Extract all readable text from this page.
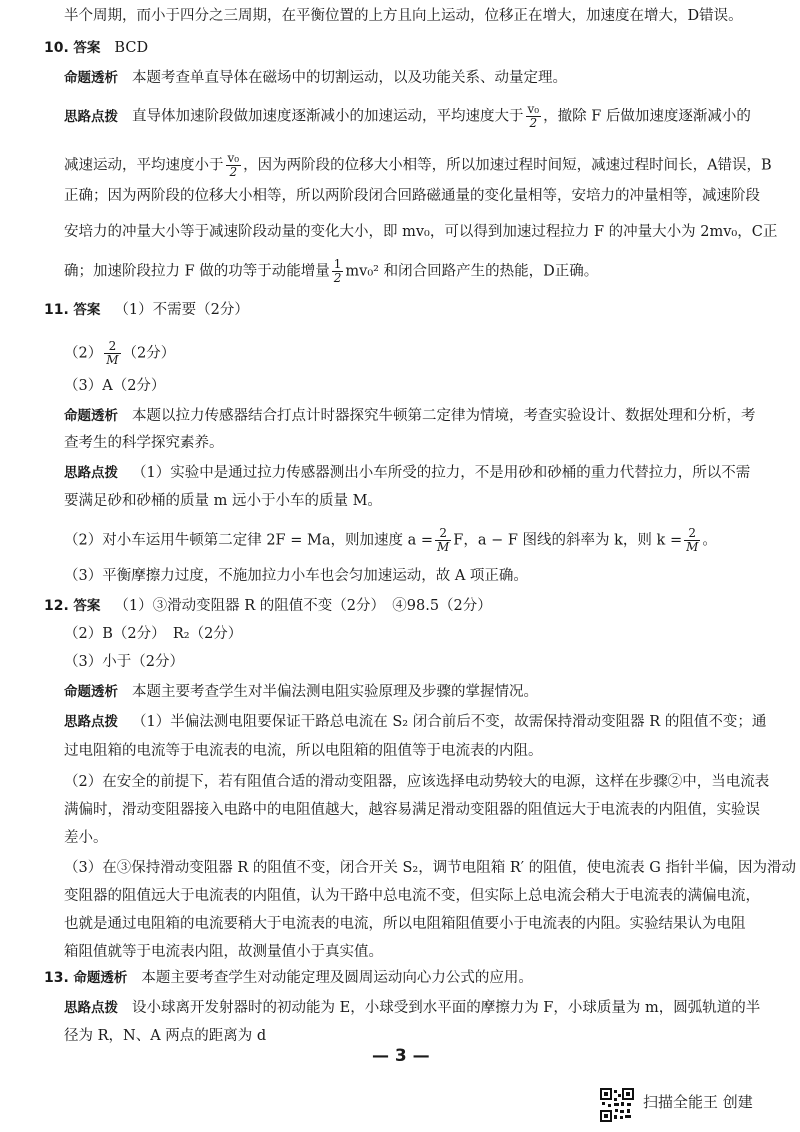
半个周期，而小于四分之三周期，在平衡位置的上方且向上运动，位移正在增大，加速度在增大，D错误。
10. 答案 BCD
命题透析 本题考查单直导体在磁场中的切割运动，以及功能关系、动量定理。
思路点拨 直导体加速阶段做加速度逐渐减小的加速运动，平均速度大于 $\frac{\text{v₀}}{2}$ ，撤除 F 后做加速度逐渐减小的
减速运动，平均速度小于 $\frac{\text{v₀}}{2}$ ，因为两阶段的位移大小相等，所以加速过程时间短，减速过程时间长，A错误，B
正确；因为两阶段的位移大小相等，所以两阶段闭合回路磁通量的变化量相等，安培力的冲量相等，减速阶段
安培力的冲量大小等于减速阶段动量的变化大小，即 mv₀，可以得到加速过程拉力 F 的冲量大小为 2mv₀，C正
确；加速阶段拉力 F 做的功等于动能增量 $\frac{1}{2} mv_0^2$ 和闭合回路产生的热能，D正确。
11. 答案 （1）不需要（2分）
$(2) \frac{2}{M} (2$分）
（3）A（2分）
命题透析 本题以拉力传感器结合打点计时器探究牛顿第二定律为情境，考查实验设计、数据处理和分析，考
查考生的科学探究素养。
思路点拨 （1）实验中是通过拉力传感器测出小车所受的拉力，不是用砂和砂桶的重力代替拉力，所以不需
要满足砂和砂桶的质量 m 远小于小车的质量 M。
（2）对小车运用牛顿第二定律 2F = Ma，则加速度 $a = \frac{2}{M}$ F，a − F 图线的斜率为 k，则 $k = \frac{2}{M}$ 。
（3）平衡摩擦力过度，不施加拉力小车也会匀加速运动，故 A 项正确。
12. 答案 （1）③滑动变阻器 R 的阻值不变（2分）　④98.5（2分）
（2）B（2分）　R₂（2分）
（3）小于（2分）
命题透析 本题主要考查学生对半偏法测电阻实验原理及步骤的掌握情况。
思路点拨 （1）半偏法测电阻要保证干路总电流在 S₂ 闭合前后不变，故需保持滑动变阻器 R 的阻值不变；通
过电阻箱的电流等于电流表的电流，所以电阻箱的阻值等于电流表的内阻。
（2）在安全的前提下，若有阻值合适的滑动变阻器，应该选择电动势较大的电源，这样在步骤②中，当电流表
满偏时，滑动变阻器接入电路中的电阻值越大，越容易满足滑动变阻器的阻值远大于电流表的内阻值，实验误
差小。
（3）在③保持滑动变阻器 R 的阻值不变，闭合开关 S₂，调节电阻箱 R′ 的阻值，使电流表 G 指针半偏，因为滑动
变阻器的阻值远大于电流表的内阻值，认为干路中总电流不变，但实际上总电流会稍大于电流表的满偏电流，
也就是通过电阻箱的电流要稍大于电流表的电流，所以电阻箱阻值要小于电流表的内阻。实验结果认为电阻
箱阻值就等于电流表内阻，故测量值小于真实值。
13. 命题透析 本题主要考查学生对动能定理及圆周运动向心力公式的应用。
思路点拨 设小球离开发射器时的初动能为 E，小球受到水平面的摩擦力为 F，小球质量为 m，圆弧轨道的半
径为 R，N、A 两点的距离为 d
— 3 —
扫描全能王 创建
